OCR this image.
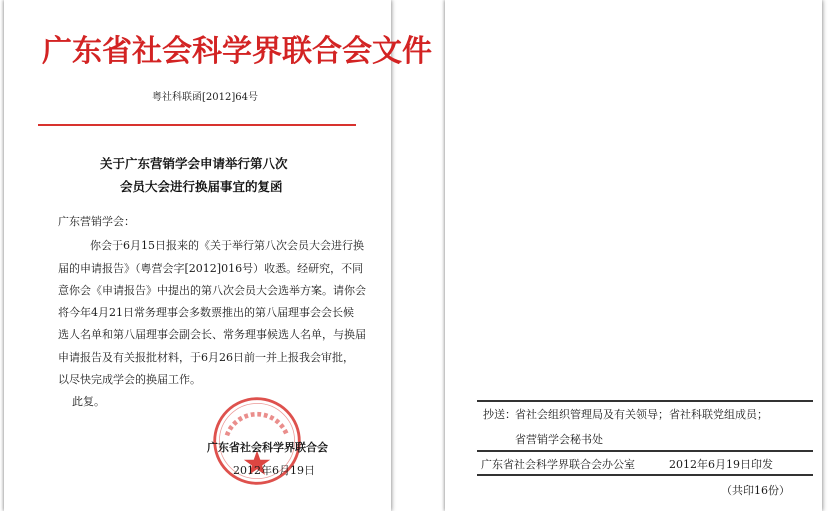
广东省社会科学界联合会文件
粤社科联函[2012]64号
关于广东营销学会申请举行第八次
会员大会进行换届事宜的复函
广东营销学会：
你会于6月15日报来的《关于举行第八次会员大会进行换
届的申请报告》（粤营会字[2012]016号）收悉。经研究，不同
意你会《申请报告》中提出的第八次会员大会选举方案。请你会
将今年4月21日常务理事会多数票推出的第八届理事会会长候
选人名单和第八届理事会副会长、常务理事候选人名单，与换届
申请报告及有关报批材料，于6月26日前一并上报我会审批，
以尽快完成学会的换届工作。
此复。
广东省社会科学界联合会
2012年6月19日
抄送： 省社会组织管理局及有关领导； 省社科联党组成员；
省营销学会秘书处
广东省社会科学界联合会办公室	2012年6月19日印发
（共印16份）
